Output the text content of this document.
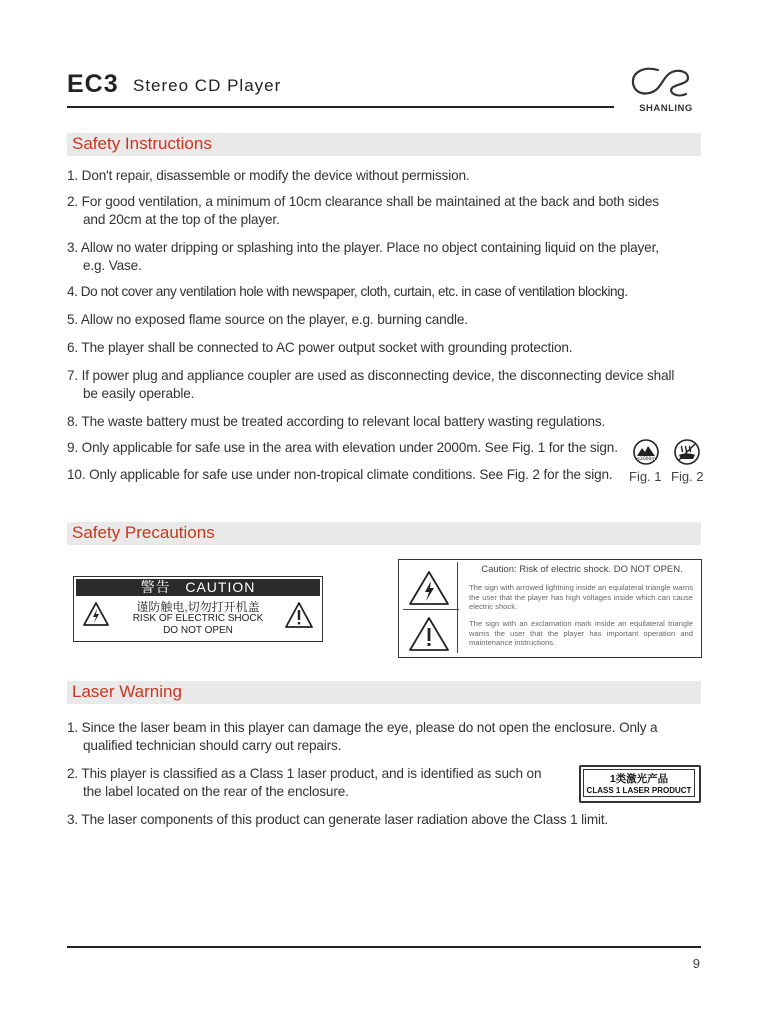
EC3 Stereo CD Player
SHANLING
Safety Instructions
1. Don't repair, disassemble or modify the device without permission.
2. For good ventilation, a minimum of 10cm clearance shall be maintained at the back and both sides
and 20cm at the top of the player.
3. Allow no water dripping or splashing into the player. Place no object containing liquid on the player,
e.g. Vase.
4. Do not cover any ventilation hole with newspaper, cloth, curtain, etc. in case of ventilation blocking.
5. Allow no exposed flame source on the player, e.g. burning candle.
6. The player shall be connected to AC power output socket with grounding protection.
7. If power plug and appliance coupler are used as disconnecting device, the disconnecting device shall
be easily operable.
8. The waste battery must be treated according to relevant local battery wasting regulations.
9. Only applicable for safe use in the area with elevation under 2000m. See Fig. 1 for the sign.
10. Only applicable for safe use under non-tropical climate conditions. See Fig. 2 for the sign.
≤2000m
Fig. 1 Fig. 2
Safety Precautions
警告 CAUTION
谨防触电,切勿打开机盖
RISK OF ELECTRIC SHOCK
DO NOT OPEN
Caution: Risk of electric shock. DO NOT OPEN.
The sign with arrowed lightning inside an equilateral triangle warns the user that the player has high voltages inside which can cause electric shock.
The sign with an exclamation mark inside an equilateral triangle warns the user that the player has important operation and maintenance instructions.
Laser Warning
1. Since the laser beam in this player can damage the eye, please do not open the enclosure. Only a
qualified technician should carry out repairs.
2. This player is classified as a Class 1 laser product, and is identified as such on
the label located on the rear of the enclosure.
3. The laser components of this product can generate laser radiation above the Class 1 limit.
1类激光产品
CLASS 1 LASER PRODUCT
9
